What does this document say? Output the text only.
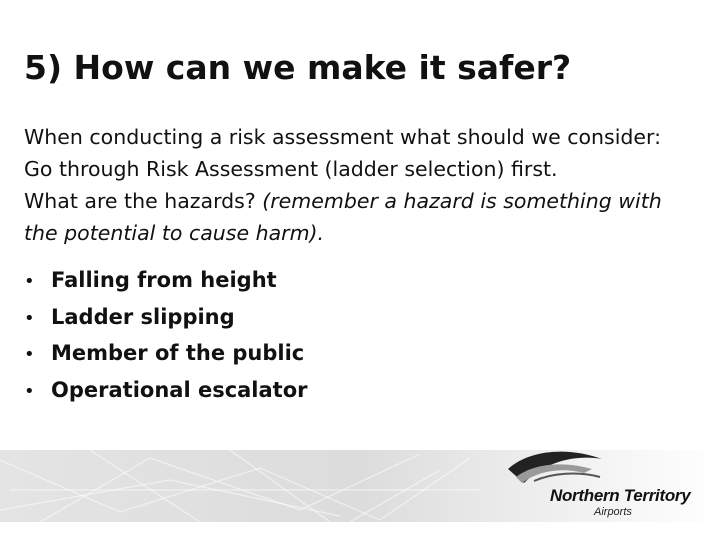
5) How can we make it safer?

When conducting a risk assessment what should we consider:

Go through Risk Assessment (ladder selection) first.

What are the hazards? (remember a hazard is something with the potential to cause harm).

• Falling from height
• Ladder slipping
• Member of the public
• Operational escalator
Northern Territory
Airports
